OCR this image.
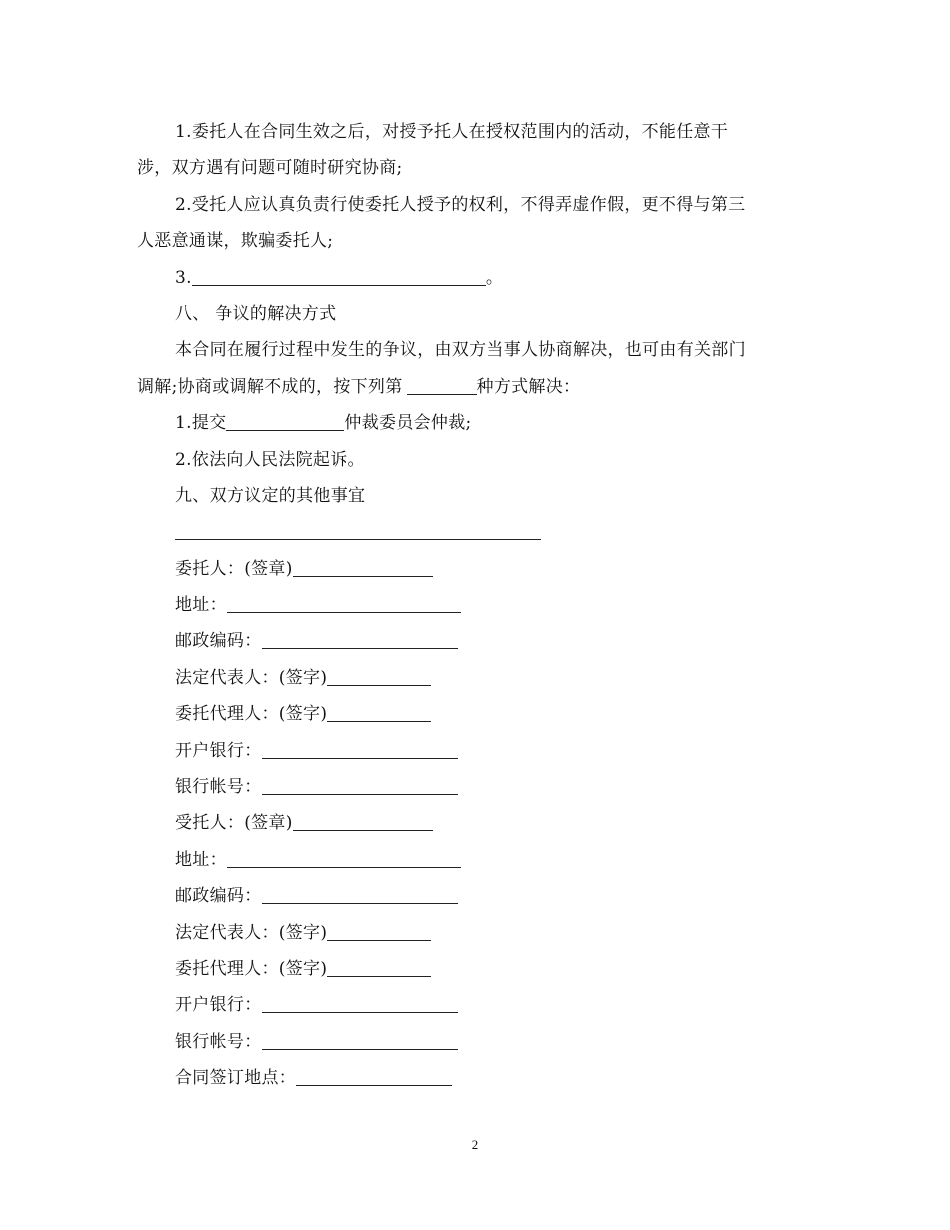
1.委托人在合同生效之后，对授予托人在授权范围内的活动，不能任意干
涉，双方遇有问题可随时研究协商;
2.受托人应认真负责行使委托人授予的权利，不得弄虚作假，更不得与第三
人恶意通谋，欺骗委托人;
3.	。
八、 争议的解决方式
本合同在履行过程中发生的争议，由双方当事人协商解决，也可由有关部门
调解;协商或调解不成的，按下列第	种方式解决：
1.提交	仲裁委员会仲裁;
2.依法向人民法院起诉。
九、双方议定的其他事宜
委托人：(签章)
地址：
邮政编码：
法定代表人：(签字)
委托代理人：(签字)
开户银行：
银行帐号：
受托人：(签章)
地址：
邮政编码：
法定代表人：(签字)
委托代理人：(签字)
开户银行：
银行帐号：
合同签订地点：
2
